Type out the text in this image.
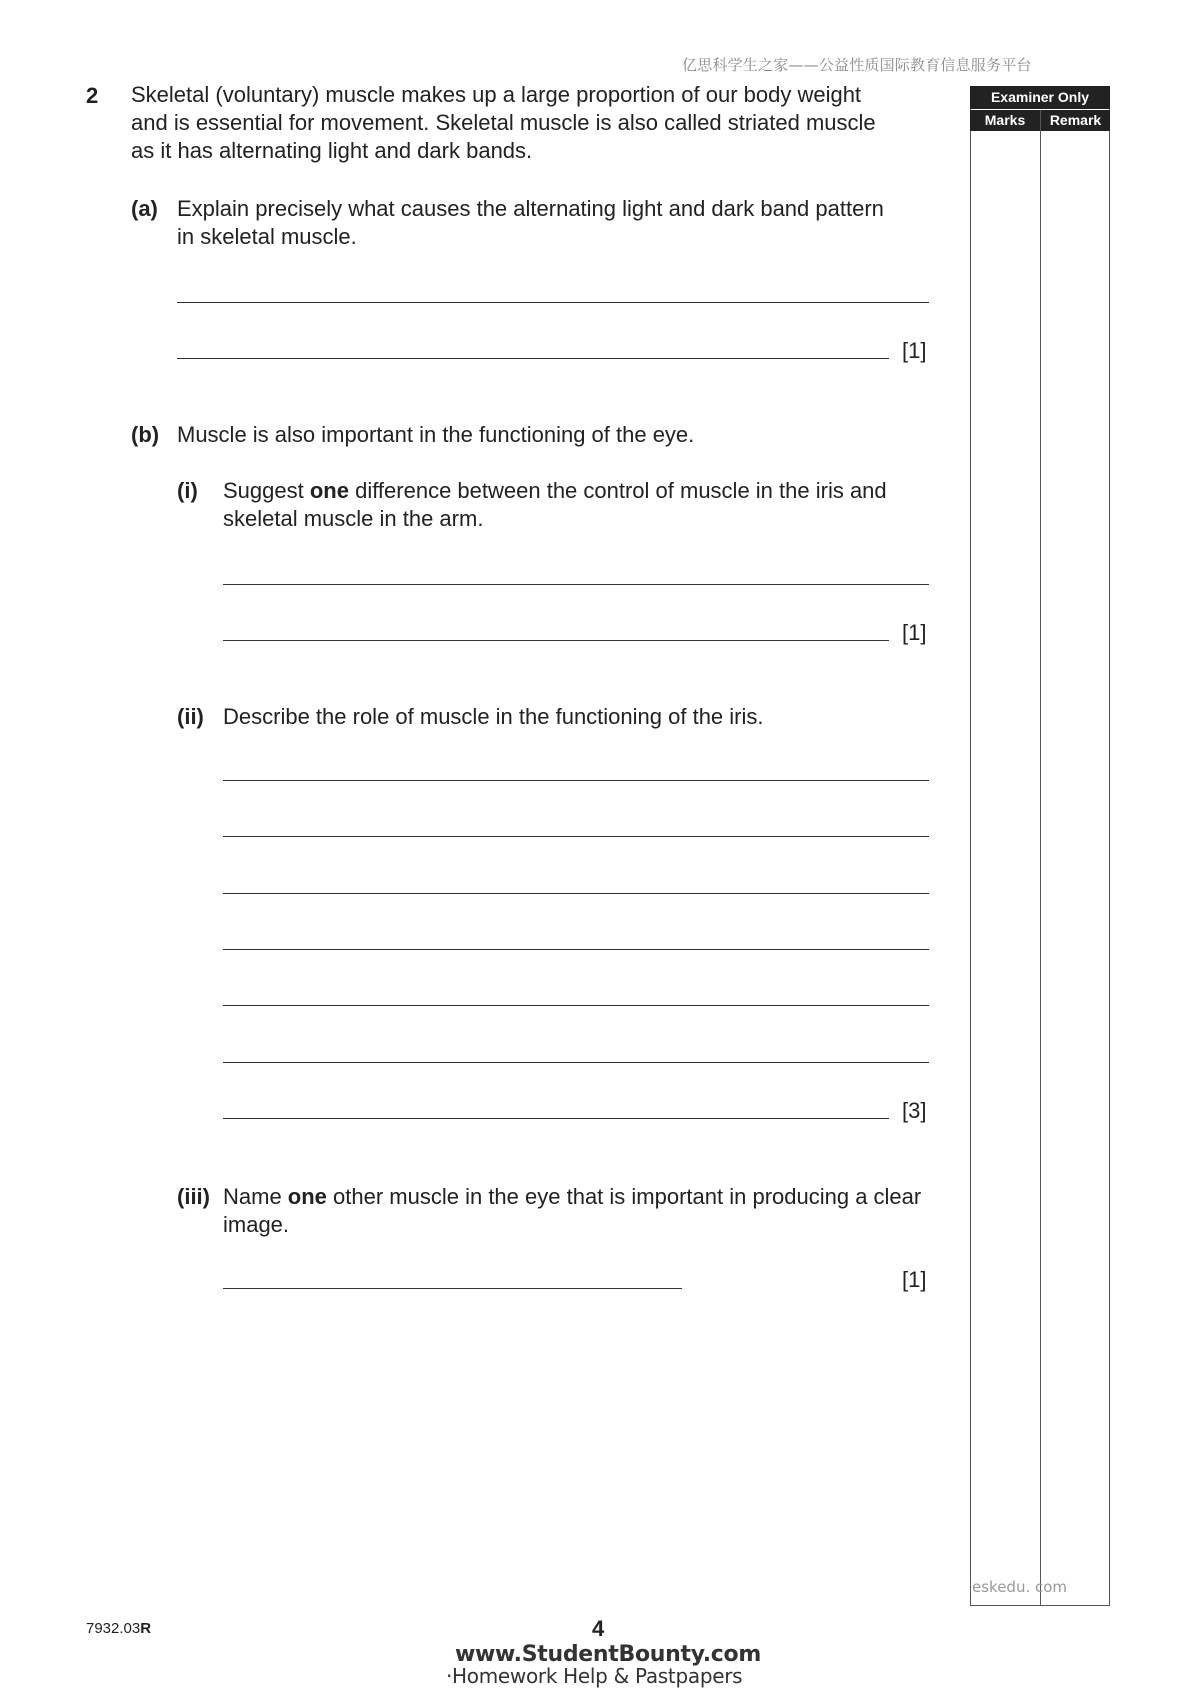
亿思科学生之家——公益性质国际教育信息服务平台
Examiner Only
Marks	Remark
eskedu. com
2 Skeletal (voluntary) muscle makes up a large proportion of our body weight and is essential for movement. Skeletal muscle is also called striated muscle as it has alternating light and dark bands.
(a) Explain precisely what causes the alternating light and dark band pattern in skeletal muscle.
[1]
(b) Muscle is also important in the functioning of the eye.
(i) Suggest one difference between the control of muscle in the iris and skeletal muscle in the arm.
[1]
(ii) Describe the role of muscle in the functioning of the iris.
[3]
(iii) Name one other muscle in the eye that is important in producing a clear image.
[1]
7932.03R	4
www.StudentBounty.com
·Homework Help & Pastpapers
